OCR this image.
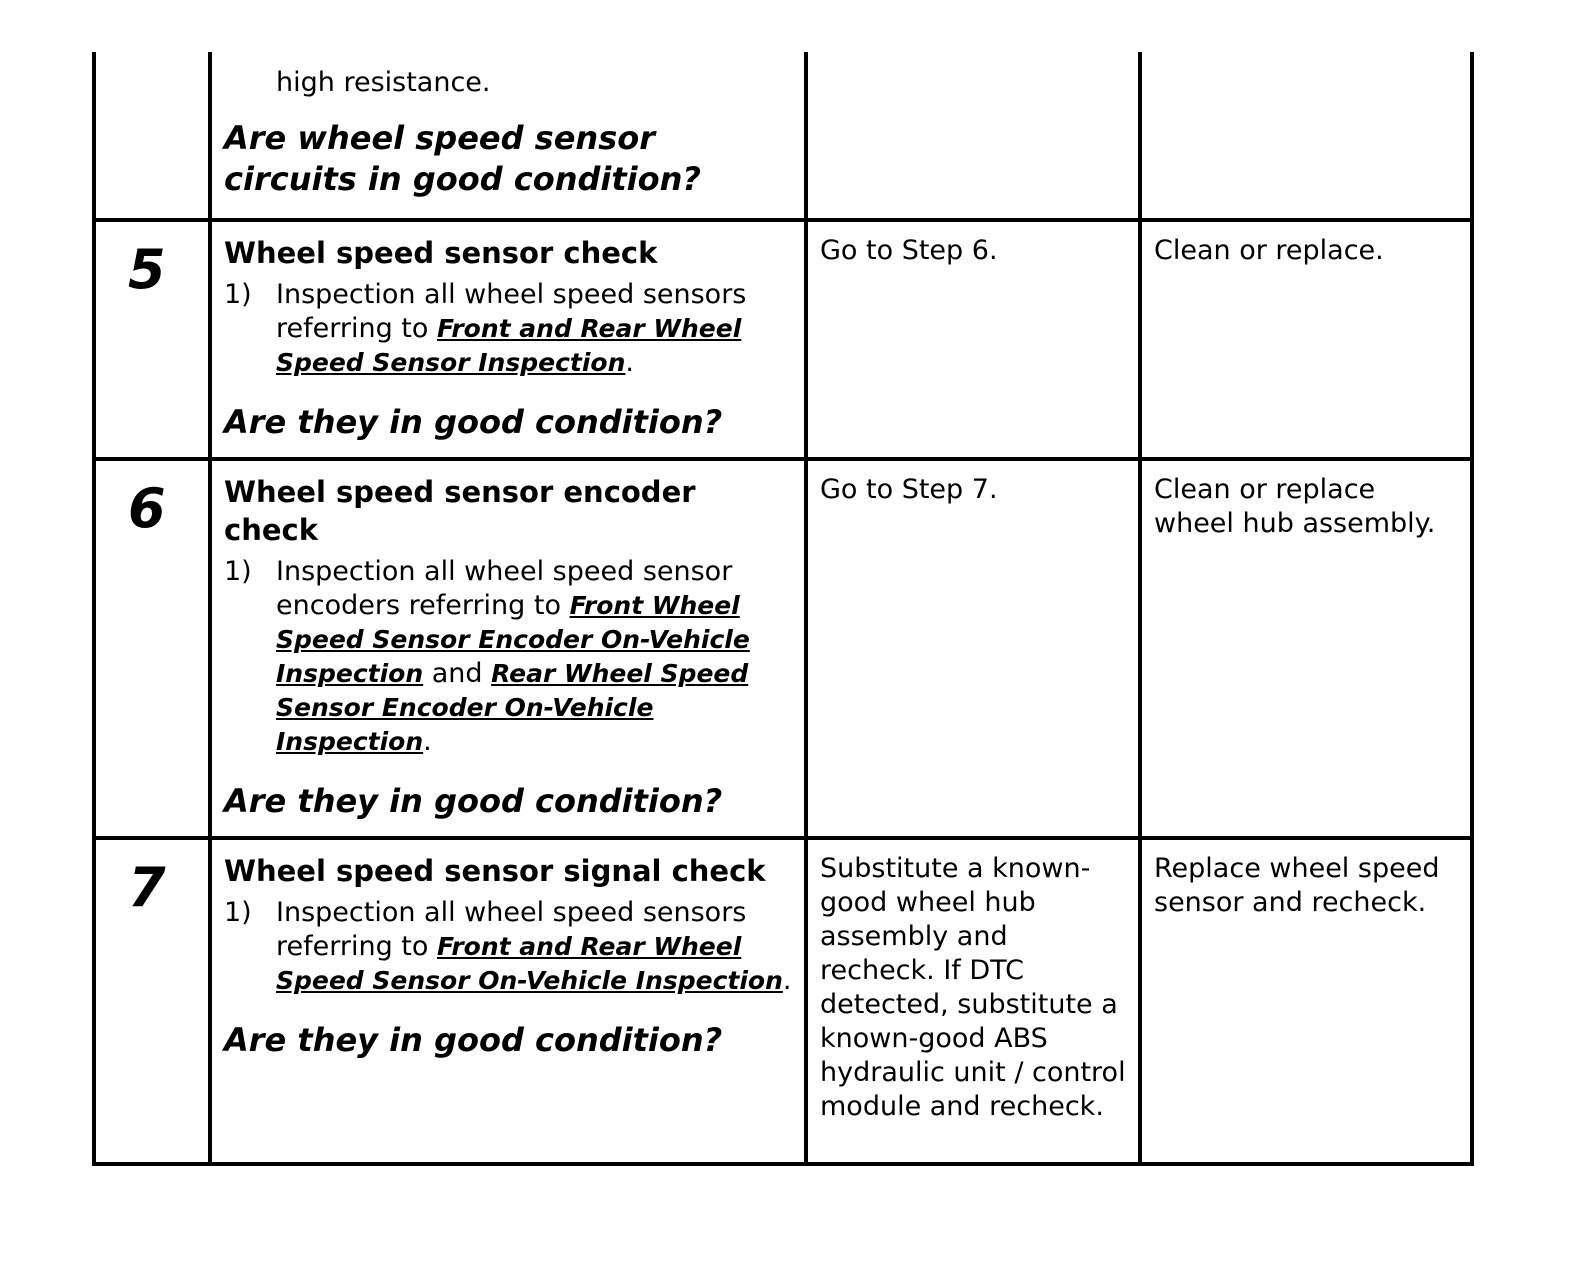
	high resistance.
Are wheel speed sensor circuits in good condition?		

5	Wheel speed sensor check
1) Inspection all wheel speed sensors referring to Front and Rear Wheel Speed Sensor Inspection.
Are they in good condition?	Go to Step 6.	Clean or replace.

6	Wheel speed sensor encoder check
1) Inspection all wheel speed sensor encoders referring to Front Wheel Speed Sensor Encoder On-Vehicle Inspection and Rear Wheel Speed Sensor Encoder On-Vehicle Inspection.
Are they in good condition?	Go to Step 7.	Clean or replace wheel hub assembly.

7	Wheel speed sensor signal check
1) Inspection all wheel speed sensors referring to Front and Rear Wheel Speed Sensor On-Vehicle Inspection.
Are they in good condition?	Substitute a known-good wheel hub assembly and recheck. If DTC detected, substitute a known-good ABS hydraulic unit / control module and recheck.	Replace wheel speed sensor and recheck.
